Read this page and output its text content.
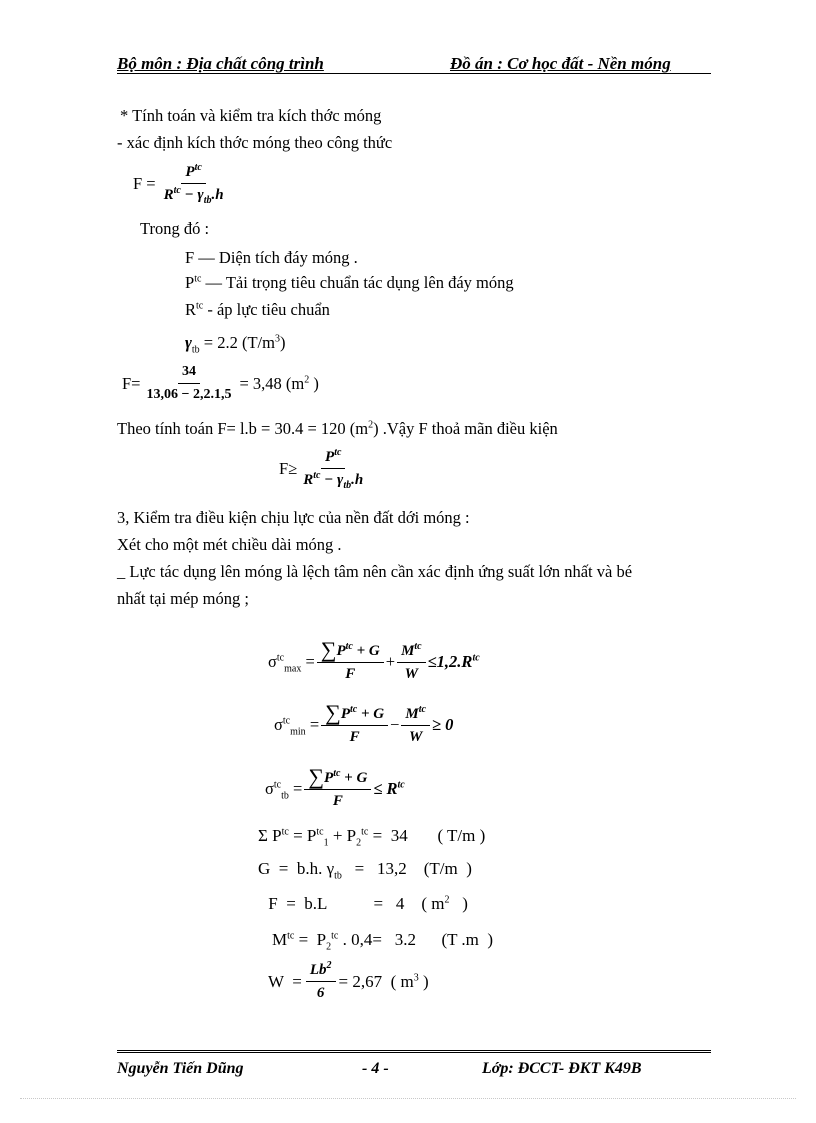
Bộ môn : Địa chất công trình	Đồ án : Cơ học đất - Nền móng
* Tính toán và kiểm tra kích thớc móng
- xác định kích thớc móng theo công thức
$F = \frac{P^{tc}}{R^{tc} - \gamma_{tb}.h}$
Trong đó :
F — Diện tích đáy móng .
$P^{tc}$ — Tải trọng tiêu chuẩn tác dụng lên đáy móng
$R^{tc}$ - áp lực tiêu chuẩn
$\gamma_{tb} = 2.2$ $(T/m^3)$
$F= \frac{34}{13,06 - 2,2.1,5} = 3,48$ ($m^2$ )
Theo tính toán F= l.b = 30.4 = 120 $(m^2)$ .Vậy F thoả mãn điều kiện
$F\ge \frac{P^{tc}}{R^{tc} - \gamma_{tb}.h}$
3, Kiểm tra điều kiện chịu lực của nền đất dới móng :
Xét cho một mét chiều dài móng .
_ Lực tác dụng lên móng là lệch tâm nên cần xác định ứng suất lớn nhất và bé
nhất tại mép móng ;
$\sigma^{tc}_{max} = \frac{\sum P^{tc} + G}{F} + \frac{M^{tc}}{W} \le 1,2.R^{tc}$
$\sigma^{tc}_{min} = \frac{\sum P^{tc} + G}{F} - \frac{M^{tc}}{W} \ge 0$
$\sigma^{tc}_{tb} = \frac{\sum P^{tc} + G}{F} \le R^{tc}$
Σ $P^{tc} = P^{tc}_1 + P_2^{tc} = 34$       ( T/m )
G  =  b.h. $\gamma_{tb} = 13,2$    (T/m  )
F  =  b.L           =   4    ( $m^2$   )
$M^{tc} = P_2^{tc}$ . 0,4=   3.2      (T .m  )
$W = \frac{Lb^2}{6} = 2,67$  ( $m^3$ )
Nguyễn Tiến Dũng	- 4 -	Lớp: ĐCCT- ĐKT K49B
